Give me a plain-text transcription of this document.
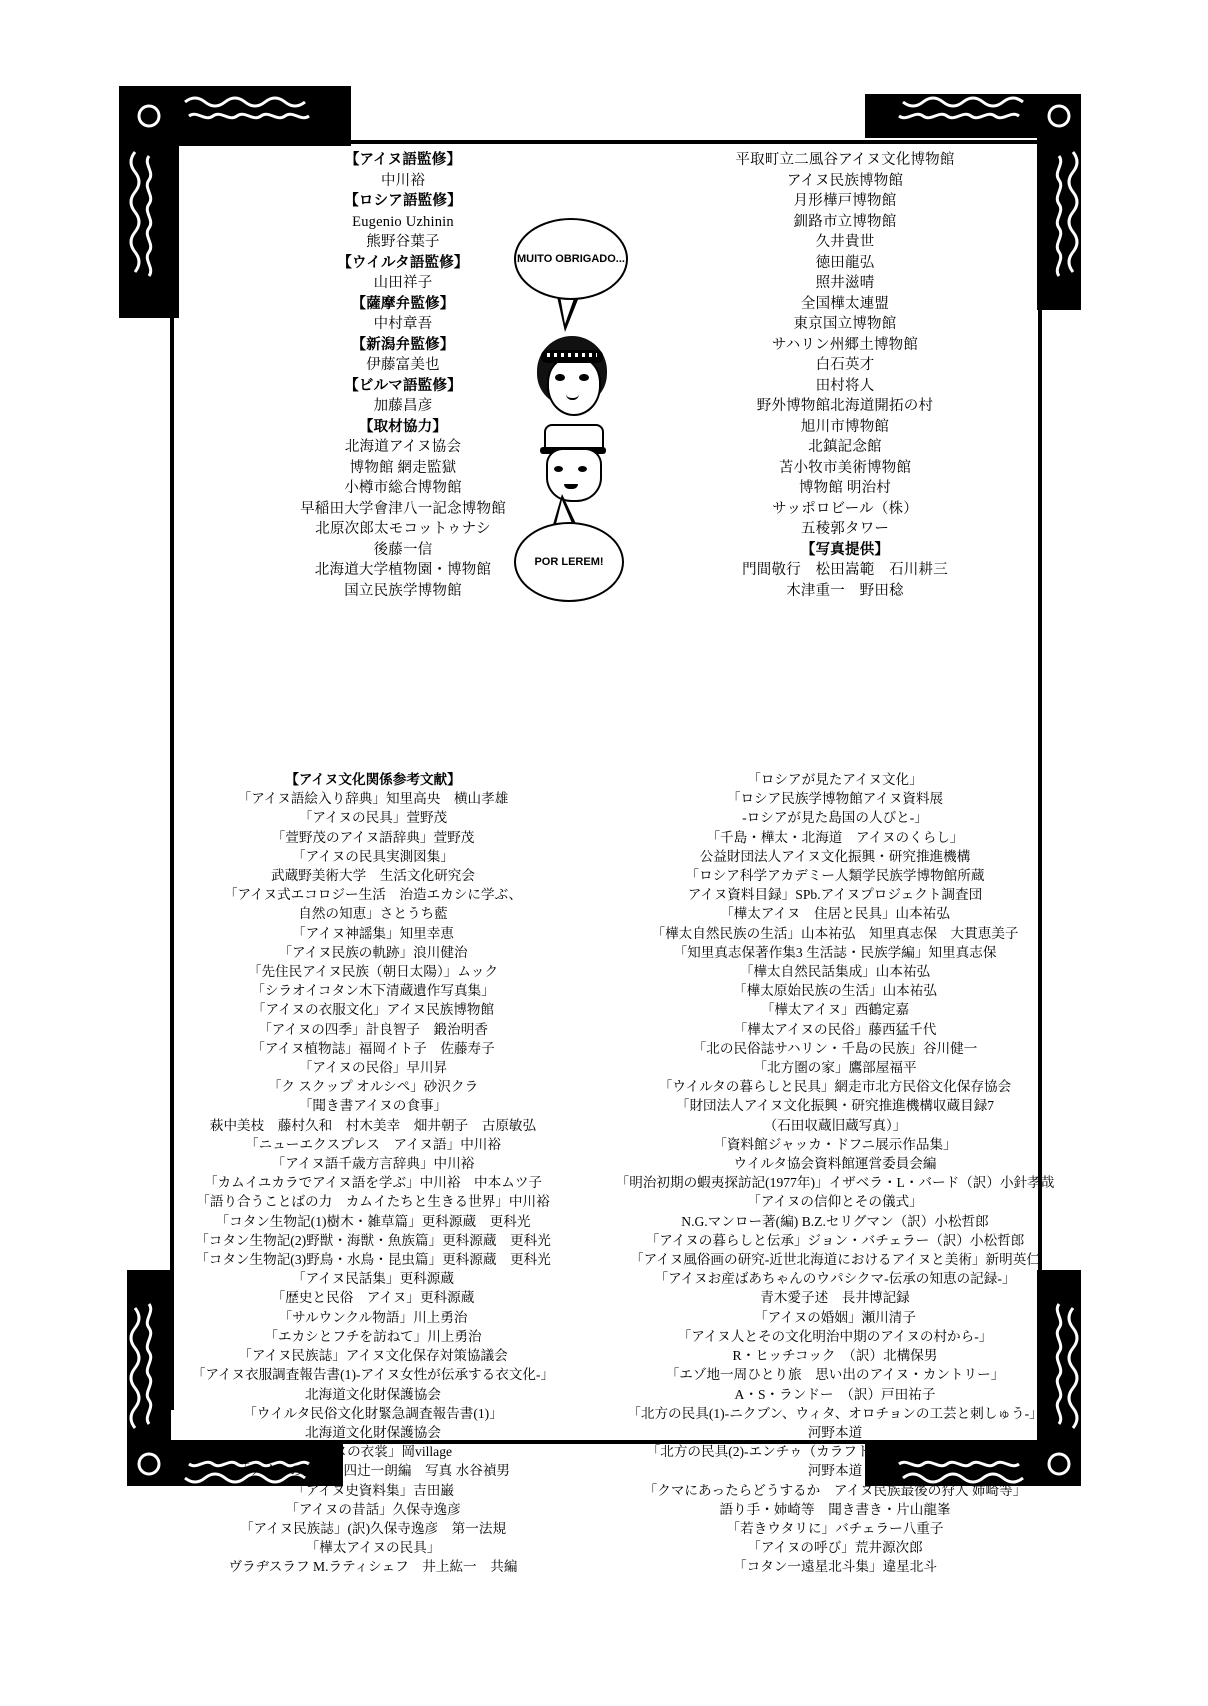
【アイヌ語監修】
中川裕
【ロシア語監修】
Eugenio Uzhinin
熊野谷葉子
【ウイルタ語監修】
山田祥子
【薩摩弁監修】
中村章吾
【新潟弁監修】
伊藤富美也
【ビルマ語監修】
加藤昌彦
【取材協力】
北海道アイヌ協会
博物館 網走監獄
小樽市総合博物館
早稲田大学會津八一記念博物館
北原次郎太モコットゥナシ
後藤一信
北海道大学植物園・博物館
国立民族学博物館
平取町立二風谷アイヌ文化博物館
アイヌ民族博物館
月形樺戸博物館
釧路市立博物館
久井貴世
徳田龍弘
照井滋晴
全国樺太連盟
東京国立博物館
サハリン州郷土博物館
白石英才
田村将人
野外博物館北海道開拓の村
旭川市博物館
北鎮記念館
苫小牧市美術博物館
博物館 明治村
サッポロビール（株）
五稜郭タワー
【写真提供】
門間敬行　松田嵩範　石川耕三
木津重一　野田稔
【アイヌ文化関係参考文献】
「アイヌ語絵入り辞典」知里高央　横山孝雄
「アイヌの民具」萱野茂
「萱野茂のアイヌ語辞典」萱野茂
「アイヌの民具実測図集」
武蔵野美術大学　生活文化研究会
「アイヌ式エコロジー生活　治造エカシに学ぶ、
自然の知恵」さとうち藍
「アイヌ神謡集」知里幸恵
「アイヌ民族の軌跡」浪川健治
「先住民アイヌ民族（朝日太陽）」ムック
「シラオイコタン木下清蔵遺作写真集」
「アイヌの衣服文化」アイヌ民族博物館
「アイヌの四季」計良智子　鍛治明香
「アイヌ植物誌」福岡イト子　佐藤寿子
「アイヌの民俗」早川昇
「ク スクップ オルシペ」砂沢クラ
「聞き書アイヌの食事」
萩中美枝　藤村久和　村木美幸　畑井朝子　古原敏弘
「ニューエクスプレス　アイヌ語」中川裕
「アイヌ語千歳方言辞典」中川裕
「カムイユカラでアイヌ語を学ぶ」中川裕　中本ムツ子
「語り合うことばの力　カムイたちと生きる世界」中川裕
「コタン生物記(1)樹木・雑草篇」更科源蔵　更科光
「コタン生物記(2)野獣・海獣・魚族篇」更科源蔵　更科光
「コタン生物記(3)野鳥・水鳥・昆虫篇」更科源蔵　更科光
「アイヌ民話集」更科源蔵
「歴史と民俗　アイヌ」更科源蔵
「サルウンクル物語」川上勇治
「エカシとフチを訪ねて」川上勇治
「アイヌ民族誌」アイヌ文化保存対策協議会
「アイヌ衣服調査報告書(1)-アイヌ女性が伝承する衣文化-」
北海道文化財保護協会
「ウイルタ民俗文化財緊急調査報告書(1)」
北海道文化財保護協会
「アイヌの衣裳」岡village
「アイヌの文様」四辻一朗編　写真 水谷禎男
「アイヌ史資料集」吉田巌
「アイヌの昔話」久保寺逸彦
「アイヌ民族誌」(訳)久保寺逸彦　第一法規
「樺太アイヌの民具」
ヴラヂスラフ M.ラティシェフ　井上紘一　共編
「ロシアが見たアイヌ文化」
「ロシア民族学博物館アイヌ資料展
-ロシアが見た島国の人びと-」
「千島・樺太・北海道　アイヌのくらし」
公益財団法人アイヌ文化振興・研究推進機構
「ロシア科学アカデミー人類学民族学博物館所蔵
アイヌ資料目録」SPb.アイヌプロジェクト調査団
「樺太アイヌ　住居と民具」山本祐弘
「樺太自然民族の生活」山本祐弘　知里真志保　大貫恵美子
「知里真志保著作集3 生活誌・民族学編」知里真志保
「樺太自然民話集成」山本祐弘
「樺太原始民族の生活」山本祐弘
「樺太アイヌ」西鶴定嘉
「樺太アイヌの民俗」藤西猛千代
「北の民俗誌サハリン・千島の民族」谷川健一
「北方圏の家」鷹部屋福平
「ウイルタの暮らしと民具」網走市北方民俗文化保存協会
「財団法人アイヌ文化振興・研究推進機構収蔵目録7
（石田収蔵旧蔵写真）」
「資料館ジャッカ・ドフニ展示作品集」
ウイルタ協会資料館運営委員会編
「明治初期の蝦夷探訪記(1977年)」イザベラ・L・バード（訳）小針孝哉
「アイヌの信仰とその儀式」
N.G.マンロー著(編) B.Z.セリグマン（訳）小松哲郎
「アイヌの暮らしと伝承」ジョン・バチェラー（訳）小松哲郎
「アイヌ風俗画の研究-近世北海道におけるアイヌと美術」新明英仁
「アイヌお産ばあちゃんのウパシクマ-伝承の知恵の記録-」
青木愛子述　長井博記録
「アイヌの婚姻」瀬川清子
「アイヌ人とその文化明治中期のアイヌの村から-」
R・ヒッチコック　（訳）北構保男
「エゾ地一周ひとり旅　思い出のアイヌ・カントリー」
A・S・ランドー　（訳）戸田祐子
「北方の民具(1)-ニクブン、ウィタ、オロチョンの工芸と刺しゅう-」
河野本道
「北方の民具(2)-エンチゥ（カラフト・アイヌ）の物質文化-」
河野本道
「クマにあったらどうするか　アイヌ民族最後の狩人 姉崎等」
語り手・姉崎等　聞き書き・片山龍峯
「若きウタリに」バチェラー八重子
「アイヌの呼び」荒井源次郎
「コタン一遠星北斗集」違星北斗
MUITO OBRIGADO...
POR LEREM!
